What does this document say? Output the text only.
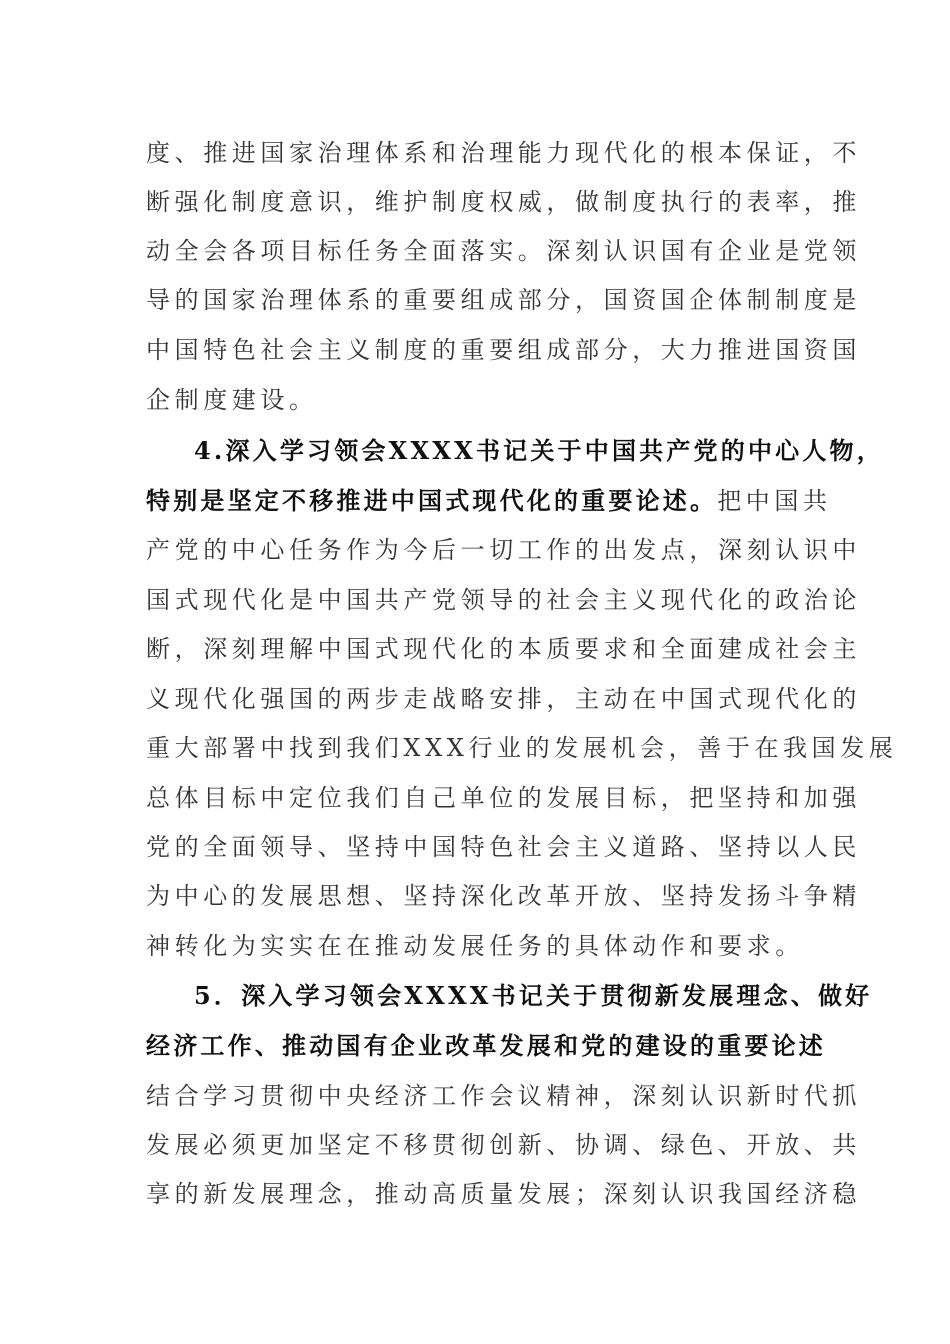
度、推进国家治理体系和治理能力现代化的根本保证，不
断强化制度意识，维护制度权威，做制度执行的表率，推
动全会各项目标任务全面落实。深刻认识国有企业是党领
导的国家治理体系的重要组成部分，国资国企体制制度是
中国特色社会主义制度的重要组成部分，大力推进国资国
企制度建设。
4.深入学习领会XXXX书记关于中国共产党的中心人物，
特别是坚定不移推进中国式现代化的重要论述。把中国共
产党的中心任务作为今后一切工作的出发点，深刻认识中
国式现代化是中国共产党领导的社会主义现代化的政治论
断，深刻理解中国式现代化的本质要求和全面建成社会主
义现代化强国的两步走战略安排，主动在中国式现代化的
重大部署中找到我们XXX行业的发展机会，善于在我国发展
总体目标中定位我们自己单位的发展目标，把坚持和加强
党的全面领导、坚持中国特色社会主义道路、坚持以人民
为中心的发展思想、坚持深化改革开放、坚持发扬斗争精
神转化为实实在在推动发展任务的具体动作和要求。
5．深入学习领会XXXX书记关于贯彻新发展理念、做好
经济工作、推动国有企业改革发展和党的建设的重要论述
结合学习贯彻中央经济工作会议精神，深刻认识新时代抓
发展必须更加坚定不移贯彻创新、协调、绿色、开放、共
享的新发展理念，推动高质量发展；深刻认识我国经济稳
